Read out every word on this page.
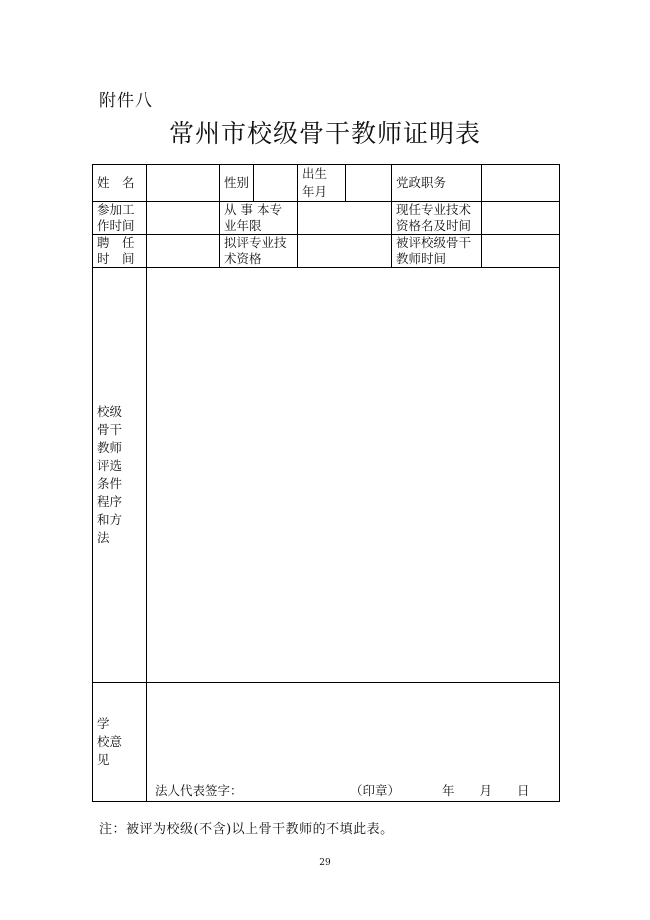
附件八
常州市校级骨干教师证明表
姓　名		性别		出生年月		党政职务	
参加工作时间		从 事 本专业年限				现任专业技术资格名及时间	
聘　任时　间		拟评专业技术资格				被评校级骨干教师时间	

校级骨干教师评选条件程序和方法							

学　校意　见	法人代表签字： （印章） 年　　月　　日						
注：被评为校级(不含)以上骨干教师的不填此表。
29
